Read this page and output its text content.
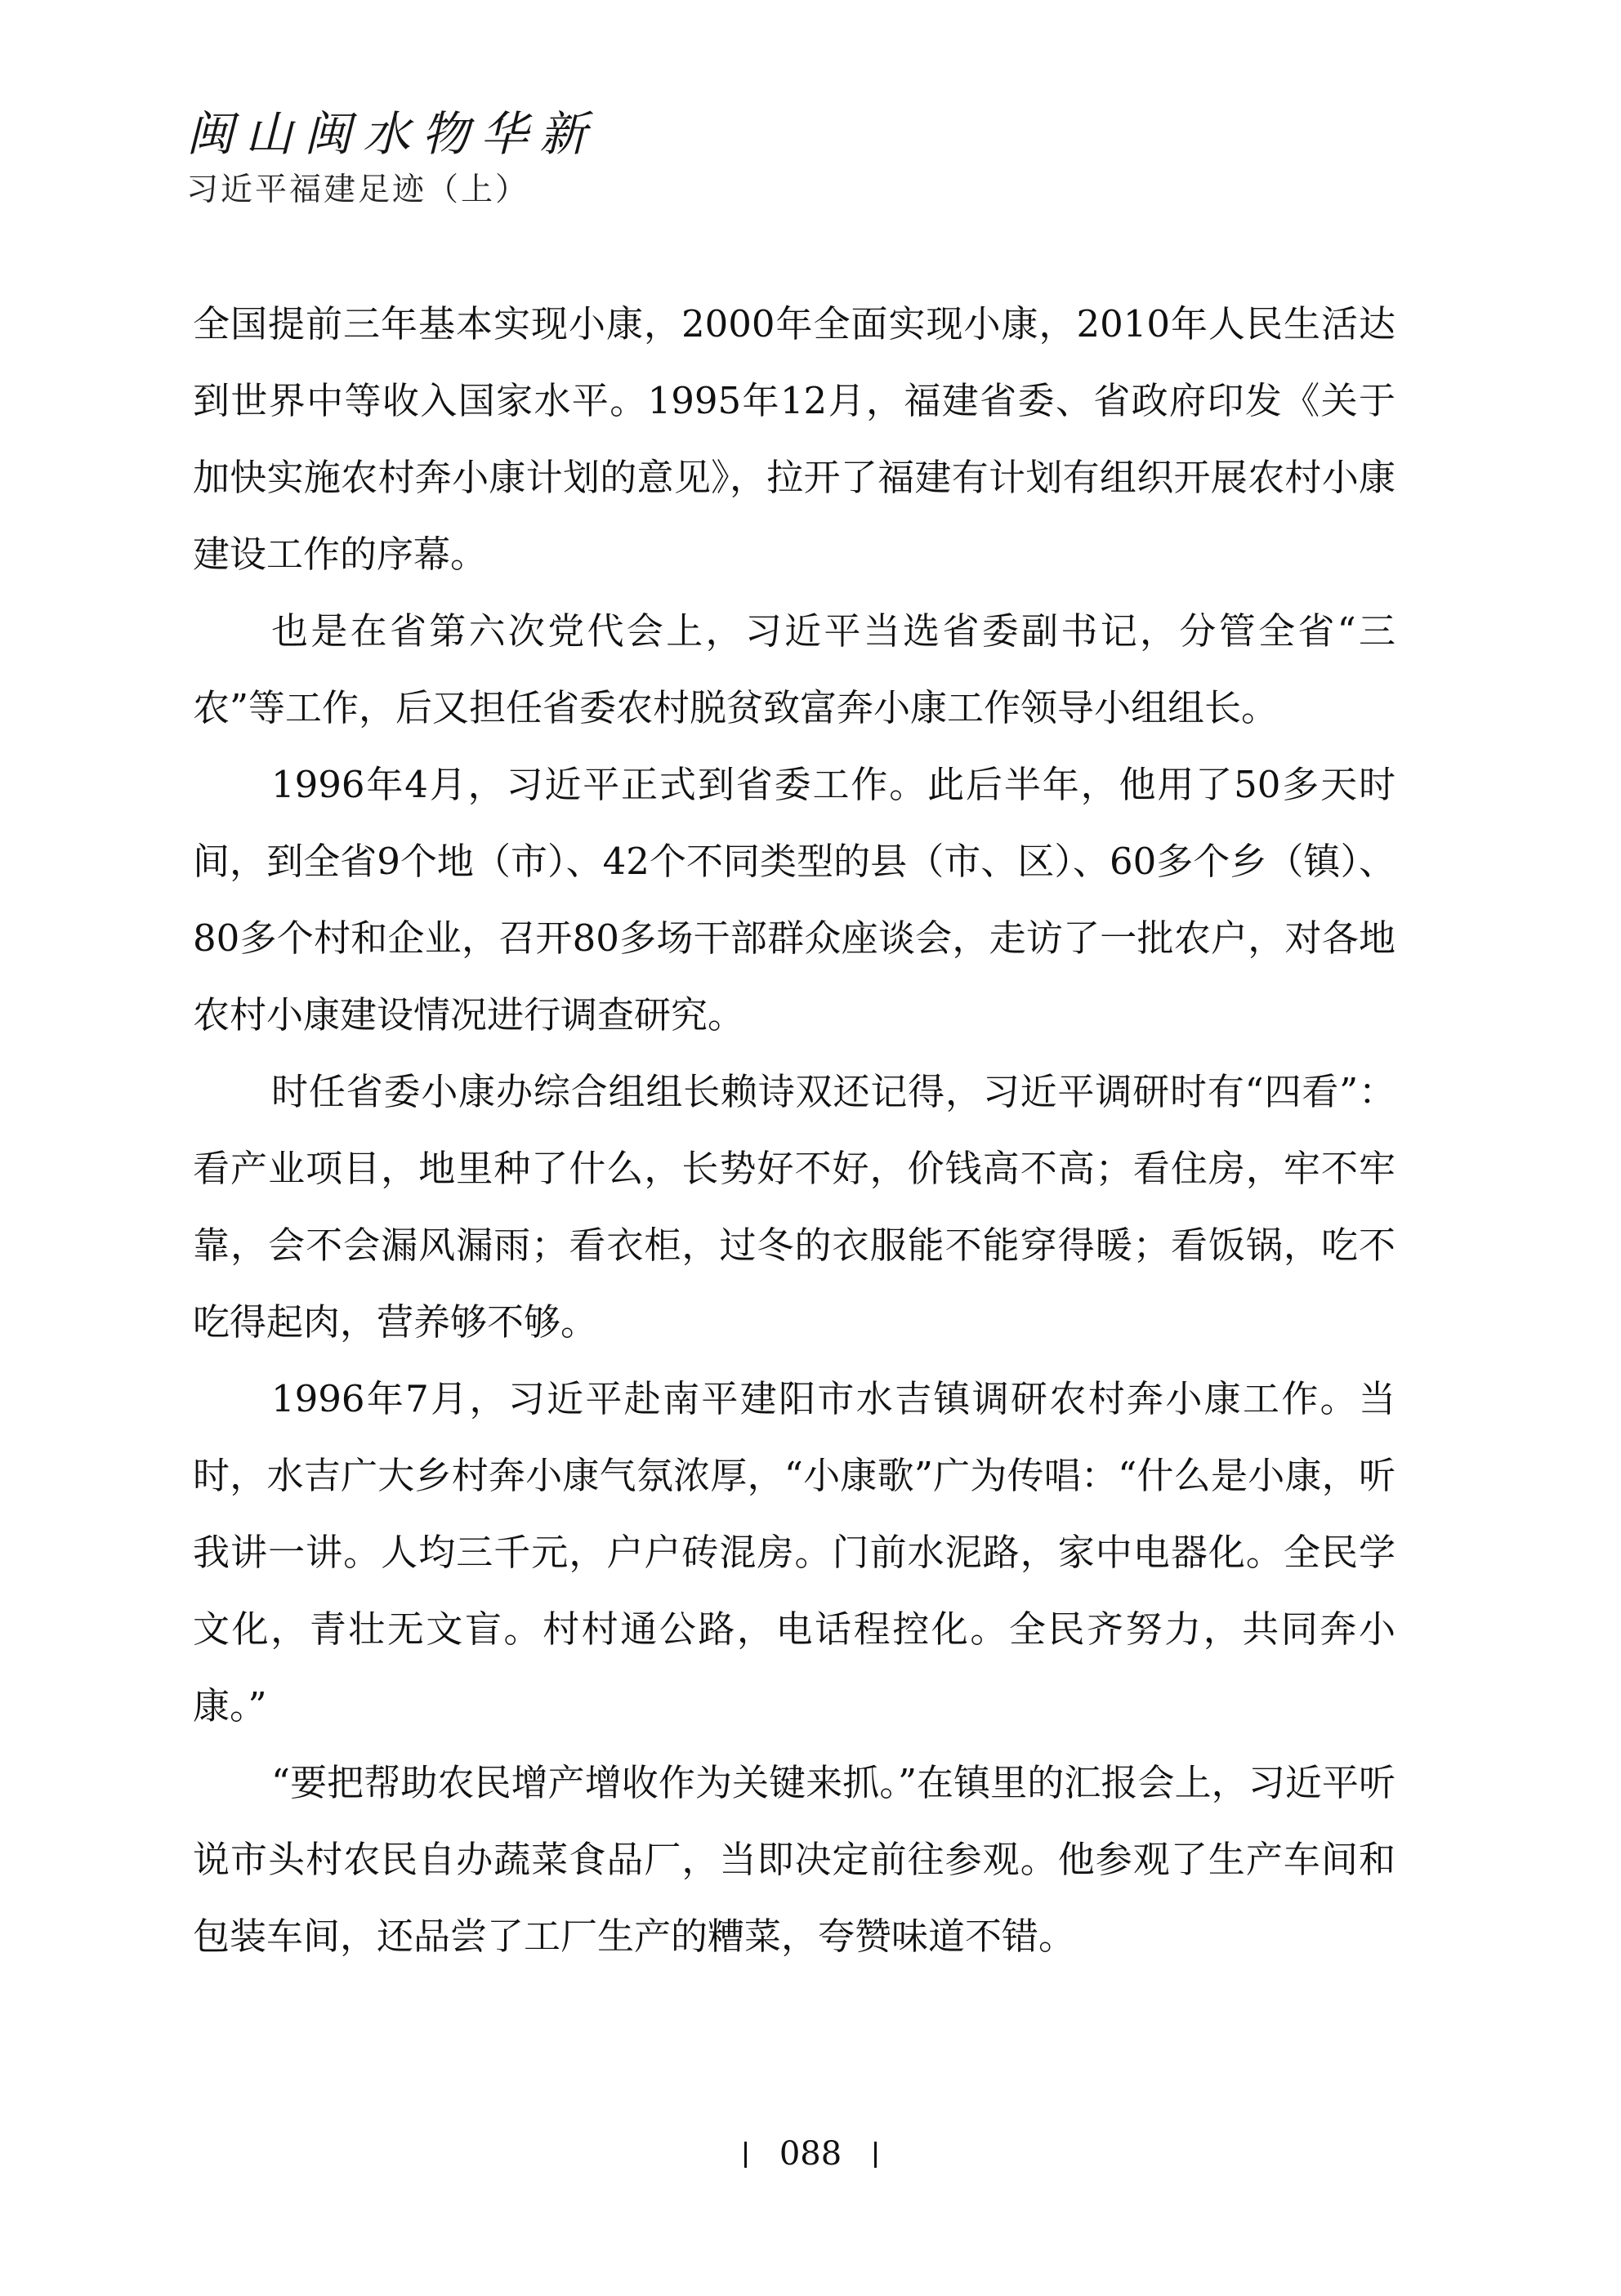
闽山闽水物华新
习近平福建足迹（上）

全国提前三年基本实现小康，2000年全面实现小康，2010年人民生活达到世界中等收入国家水平。1995年12月，福建省委、省政府印发《关于加快实施农村奔小康计划的意见》，拉开了福建有计划有组织开展农村小康建设工作的序幕。

也是在省第六次党代会上，习近平当选省委副书记，分管全省“三农”等工作，后又担任省委农村脱贫致富奔小康工作领导小组组长。

1996年4月，习近平正式到省委工作。此后半年，他用了50多天时间，到全省9个地（市）、42个不同类型的县（市、区）、60多个乡（镇）、80多个村和企业，召开80多场干部群众座谈会，走访了一批农户，对各地农村小康建设情况进行调查研究。

时任省委小康办综合组组长赖诗双还记得，习近平调研时有“四看”：看产业项目，地里种了什么，长势好不好，价钱高不高；看住房，牢不牢靠，会不会漏风漏雨；看衣柜，过冬的衣服能不能穿得暖；看饭锅，吃不吃得起肉，营养够不够。

1996年7月，习近平赴南平建阳市水吉镇调研农村奔小康工作。当时，水吉广大乡村奔小康气氛浓厚，“小康歌”广为传唱：“什么是小康，听我讲一讲。人均三千元，户户砖混房。门前水泥路，家中电器化。全民学文化，青壮无文盲。村村通公路，电话程控化。全民齐努力，共同奔小康。”

“要把帮助农民增产增收作为关键来抓。”在镇里的汇报会上，习近平听说市头村农民自办蔬菜食品厂，当即决定前往参观。他参观了生产车间和包装车间，还品尝了工厂生产的糟菜，夸赞味道不错。

088
